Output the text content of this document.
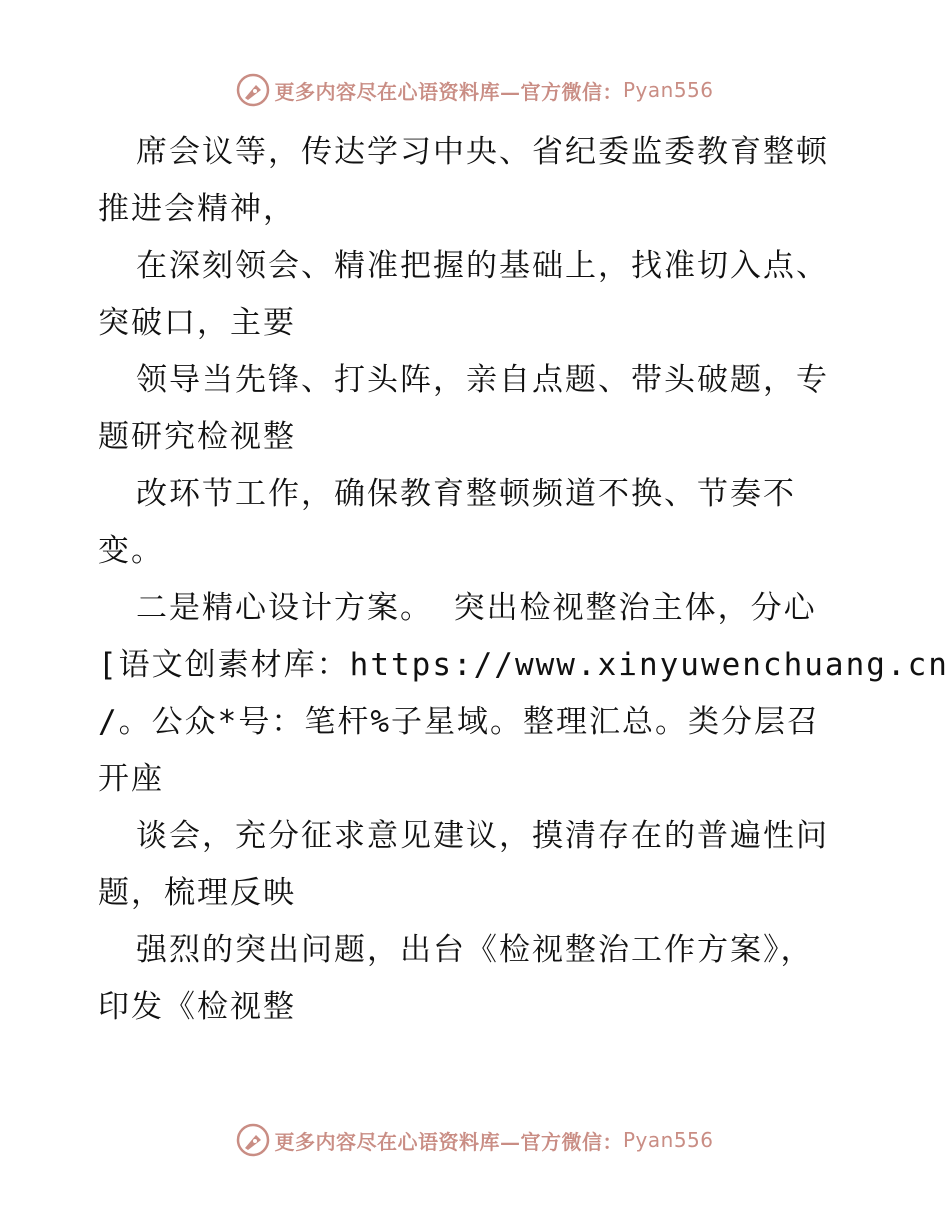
更多内容尽在心语资料库—官方微信： Pyan556
席会议等，传达学习中央、省纪委监委教育整顿
推进会精神，
在深刻领会、精准把握的基础上，找准切入点、
突破口，主要
领导当先锋、打头阵，亲自点题、带头破题，专
题研究检视整
改环节工作，确保教育整顿频道不换、节奏不
变。
二是精心设计方案。 突出检视整治主体，分心
[语文创素材库：https://www.xinyuwenchuang.cn
/。公众*号：笔杆%子星域。整理汇总。类分层召
开座
谈会，充分征求意见建议，摸清存在的普遍性问
题，梳理反映
强烈的突出问题，出台《检视整治工作方案》，
印发《检视整
更多内容尽在心语资料库—官方微信： Pyan556
